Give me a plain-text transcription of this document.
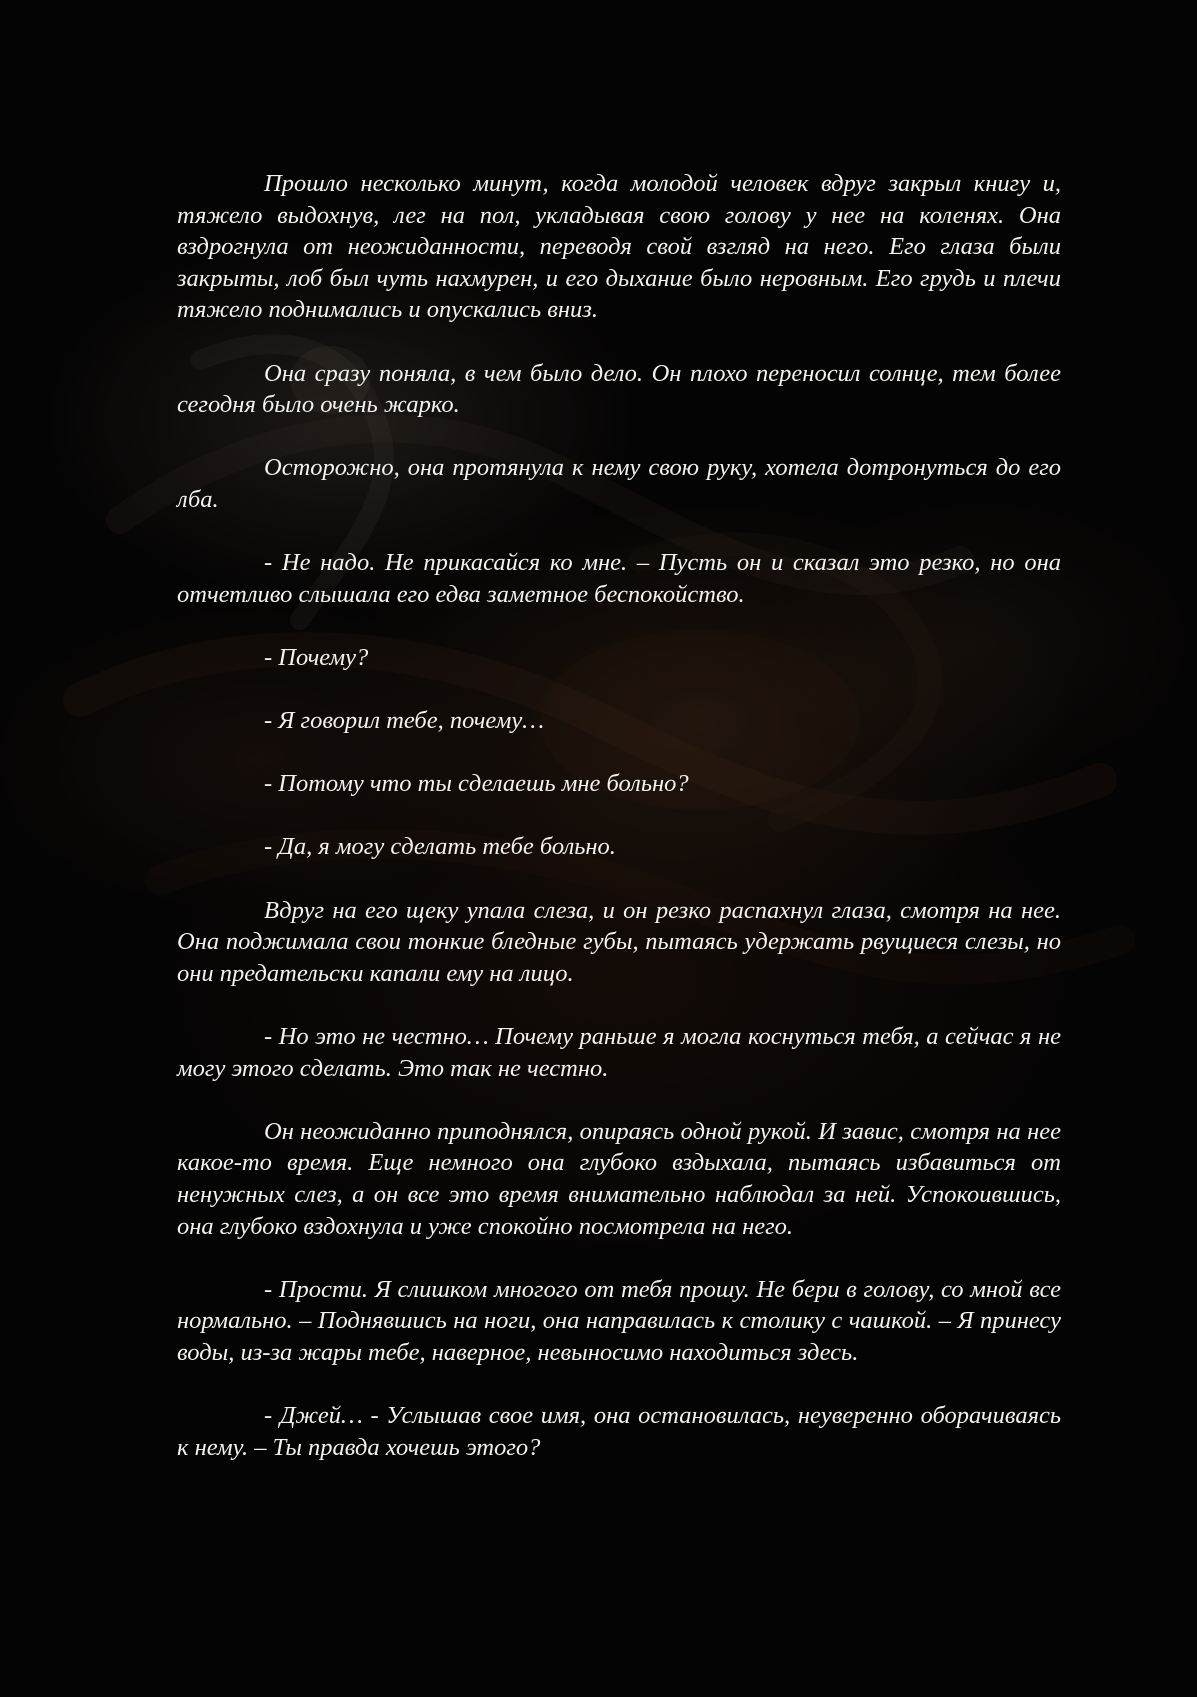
Прошло несколько минут, когда молодой человек вдруг закрыл книгу и, тяжело выдохнув, лег на пол, укладывая свою голову у нее на коленях. Она вздрогнула от неожиданности, переводя свой взгляд на него. Его глаза были закрыты, лоб был чуть нахмурен, и его дыхание было неровным. Его грудь и плечи тяжело поднимались и опускались вниз.

Она сразу поняла, в чем было дело. Он плохо переносил солнце, тем более сегодня было очень жарко.

Осторожно, она протянула к нему свою руку, хотела дотронуться до его лба.

- Не надо. Не прикасайся ко мне. – Пусть он и сказал это резко, но она отчетливо слышала его едва заметное беспокойство.

- Почему?

- Я говорил тебе, почему…

- Потому что ты сделаешь мне больно?

- Да, я могу сделать тебе больно.

Вдруг на его щеку упала слеза, и он резко распахнул глаза, смотря на нее. Она поджимала свои тонкие бледные губы, пытаясь удержать рвущиеся слезы, но они предательски капали ему на лицо.

- Но это не честно… Почему раньше я могла коснуться тебя, а сейчас я не могу этого сделать. Это так не честно.

Он неожиданно приподнялся, опираясь одной рукой. И завис, смотря на нее какое-то время. Еще немного она глубоко вздыхала, пытаясь избавиться от ненужных слез, а он все это время внимательно наблюдал за ней. Успокоившись, она глубоко вздохнула и уже спокойно посмотрела на него.

- Прости. Я слишком многого от тебя прошу. Не бери в голову, со мной все нормально. – Поднявшись на ноги, она направилась к столику с чашкой. – Я принесу воды, из-за жары тебе, наверное, невыносимо находиться здесь.

- Джей… - Услышав свое имя, она остановилась, неуверенно оборачиваясь к нему. – Ты правда хочешь этого?
